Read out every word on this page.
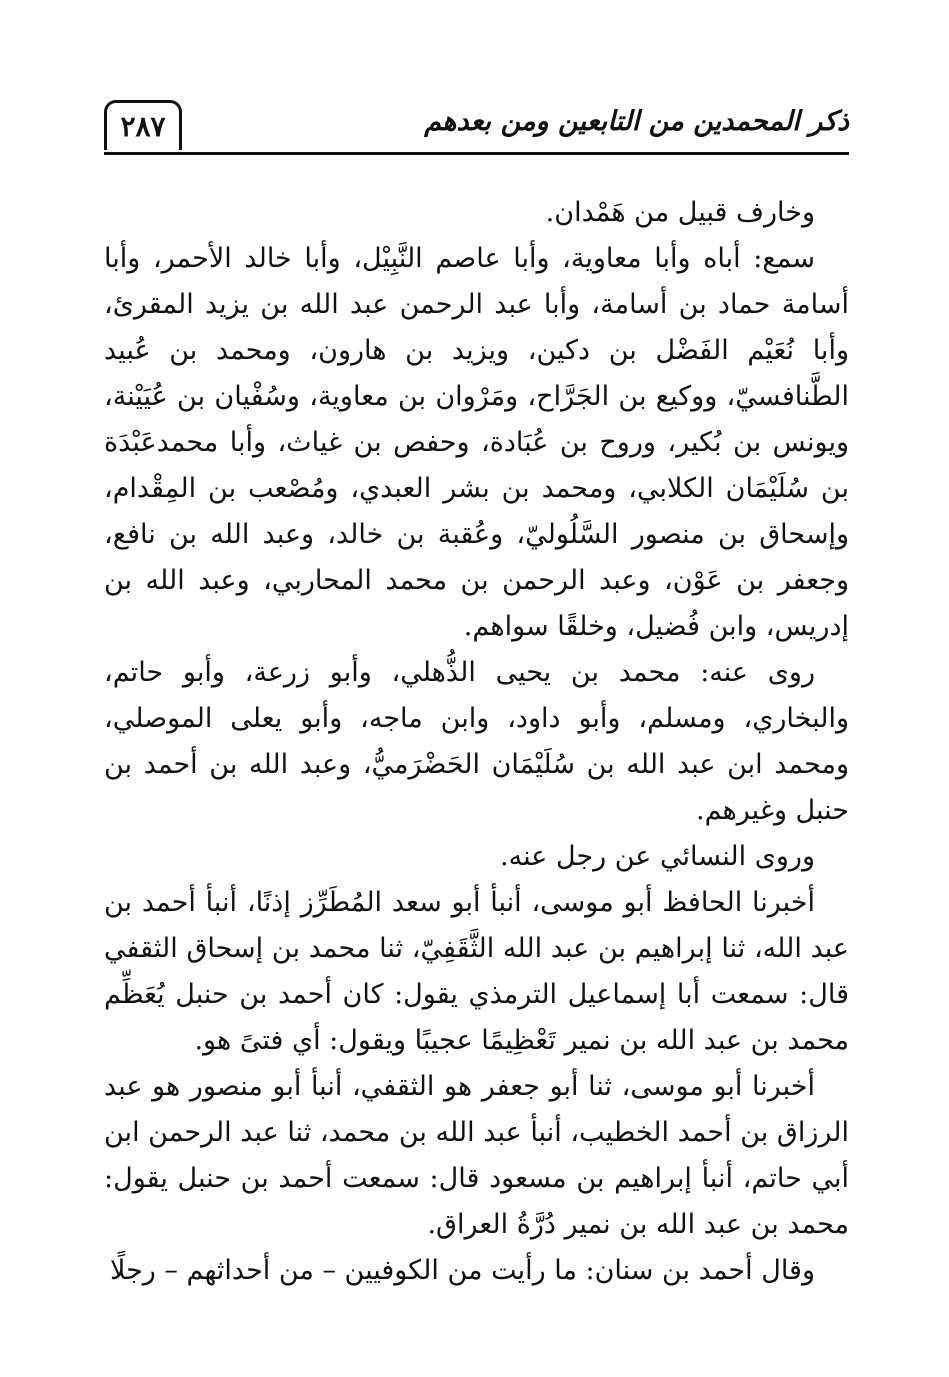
٢٨٧	ذكر المحمدين من التابعين ومن بعدهم

وخارف قبيل من هَمْدان.

سمع: أباه وأبا معاوية، وأبا عاصم النَّبِيْل، وأبا خالد الأحمر، وأبا أسامة حماد بن أسامة، وأبا عبد الرحمن عبد الله بن يزيد المقرئ، وأبا نُعَيْم الفَضْل بن دكين، ويزيد بن هارون، ومحمد بن عُبيد الطَّنافسيّ، ووكيع بن الجَرَّاح، ومَرْوان بن معاوية، وسُفْيان بن عُيَيْنة، ويونس بن بُكير، وروح بن عُبَادة، وحفص بن غياث، وأبا محمدعَبْدَة بن سُلَيْمَان الكلابي، ومحمد بن بشر العبدي، ومُصْعب بن المِقْدام، وإسحاق بن منصور السَّلُوليّ، وعُقبة بن خالد، وعبد الله بن نافع، وجعفر بن عَوْن، وعبد الرحمن بن محمد المحاربي، وعبد الله بن إدريس، وابن فُضيل، وخلقًا سواهم.

روى عنه: محمد بن يحيى الذُّهلي، وأبو زرعة، وأبو حاتم، والبخاري، ومسلم، وأبو داود، وابن ماجه، وأبو يعلى الموصلي، ومحمد ابن عبد الله بن سُلَيْمَان الحَضْرَميُّ، وعبد الله بن أحمد بن حنبل وغيرهم.

وروى النسائي عن رجل عنه.

أخبرنا الحافظ أبو موسى، أنبأ أبو سعد المُطَرِّز إذنًا، أنبأ أحمد بن عبد الله، ثنا إبراهيم بن عبد الله الثَّقَفِيّ، ثنا محمد بن إسحاق الثقفي قال: سمعت أبا إسماعيل الترمذي يقول: كان أحمد بن حنبل يُعَظِّم محمد بن عبد الله بن نمير تَعْظِيمًا عجيبًا ويقول: أي فتىً هو.

أخبرنا أبو موسى، ثنا أبو جعفر هو الثقفي، أنبأ أبو منصور هو عبد الرزاق بن أحمد الخطيب، أنبأ عبد الله بن محمد، ثنا عبد الرحمن ابن أبي حاتم، أنبأ إبراهيم بن مسعود قال: سمعت أحمد بن حنبل يقول: محمد بن عبد الله بن نمير دُرَّةُ العراق.

وقال أحمد بن سنان: ما رأيت من الكوفيين – من أحداثهم – رجلًا
